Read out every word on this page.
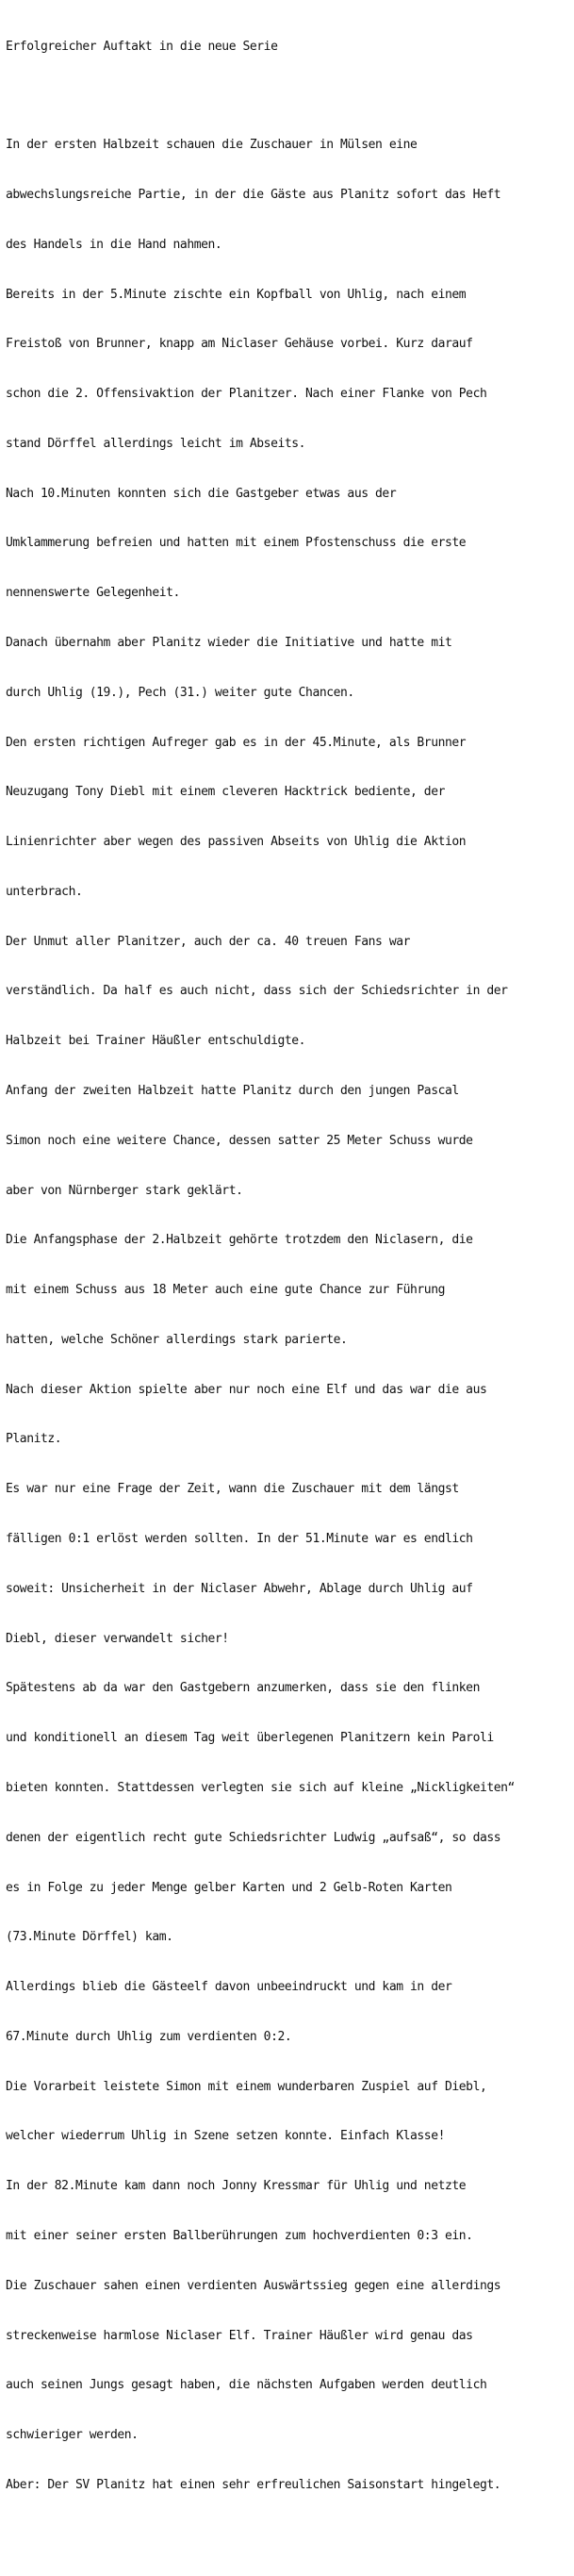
Erfolgreicher Auftakt in die neue Serie

In der ersten Halbzeit schauen die Zuschauer in Mülsen eine

abwechslungsreiche Partie, in der die Gäste aus Planitz sofort das Heft

des Handels in die Hand nahmen.

Bereits in der 5.Minute zischte ein Kopfball von Uhlig, nach einem

Freistoß von Brunner, knapp am Niclaser Gehäuse vorbei. Kurz darauf

schon die 2. Offensivaktion der Planitzer. Nach einer Flanke von Pech

stand Dörffel allerdings leicht im Abseits.

Nach 10.Minuten konnten sich die Gastgeber etwas aus der

Umklammerung befreien und hatten mit einem Pfostenschuss die erste

nennenswerte Gelegenheit.

Danach übernahm aber Planitz wieder die Initiative und hatte mit

durch Uhlig (19.), Pech (31.) weiter gute Chancen.

Den ersten richtigen Aufreger gab es in der 45.Minute, als Brunner

Neuzugang Tony Diebl mit einem cleveren Hacktrick bediente, der

Linienrichter aber wegen des passiven Abseits von Uhlig die Aktion

unterbrach.

Der Unmut aller Planitzer, auch der ca. 40 treuen Fans war

verständlich. Da half es auch nicht, dass sich der Schiedsrichter in der

Halbzeit bei Trainer Häußler entschuldigte.

Anfang der zweiten Halbzeit hatte Planitz durch den jungen Pascal

Simon noch eine weitere Chance, dessen satter 25 Meter Schuss wurde

aber von Nürnberger stark geklärt.

Die Anfangsphase der 2.Halbzeit gehörte trotzdem den Niclasern, die

mit einem Schuss aus 18 Meter auch eine gute Chance zur Führung

hatten, welche Schöner allerdings stark parierte.

Nach dieser Aktion spielte aber nur noch eine Elf und das war die aus

Planitz.

Es war nur eine Frage der Zeit, wann die Zuschauer mit dem längst

fälligen 0:1 erlöst werden sollten. In der 51.Minute war es endlich

soweit: Unsicherheit in der Niclaser Abwehr, Ablage durch Uhlig auf

Diebl, dieser verwandelt sicher!

Spätestens ab da war den Gastgebern anzumerken, dass sie den flinken

und konditionell an diesem Tag weit überlegenen Planitzern kein Paroli

bieten konnten. Stattdessen verlegten sie sich auf kleine „Nickligkeiten“

denen der eigentlich recht gute Schiedsrichter Ludwig „aufsaß“, so dass

es in Folge zu jeder Menge gelber Karten und 2 Gelb-Roten Karten

(73.Minute Dörffel) kam.

Allerdings blieb die Gästeelf davon unbeeindruckt und kam in der

67.Minute durch Uhlig zum verdienten 0:2.

Die Vorarbeit leistete Simon mit einem wunderbaren Zuspiel auf Diebl,

welcher wiederrum Uhlig in Szene setzen konnte. Einfach Klasse!

In der 82.Minute kam dann noch Jonny Kressmar für Uhlig und netzte

mit einer seiner ersten Ballberührungen zum hochverdienten 0:3 ein.

Die Zuschauer sahen einen verdienten Auswärtssieg gegen eine allerdings

streckenweise harmlose Niclaser Elf. Trainer Häußler wird genau das

auch seinen Jungs gesagt haben, die nächsten Aufgaben werden deutlich

schwieriger werden.

Aber: Der SV Planitz hat einen sehr erfreulichen Saisonstart hingelegt.
